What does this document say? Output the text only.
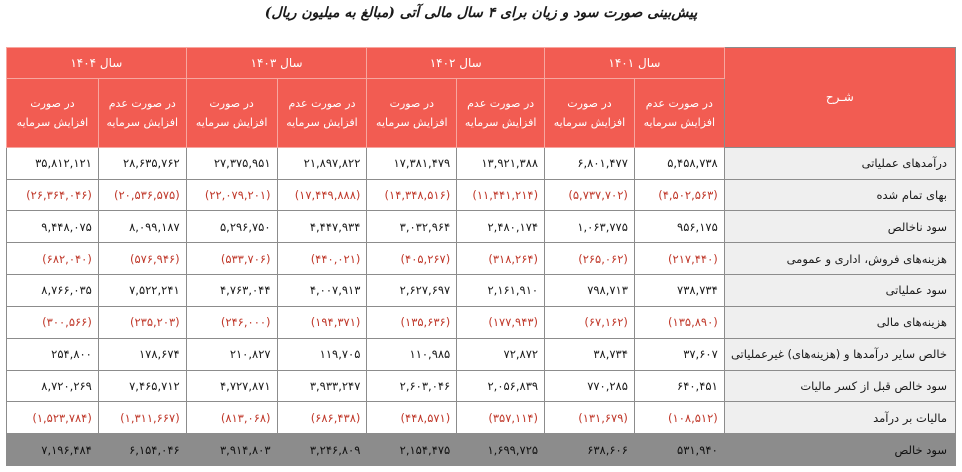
پیش‌بینی صورت سود و زیان برای ۴ سال مالی آتی (مبالغ به میلیون ریال)
سال ۱۴۰۴		سال ۱۴۰۳		سال ۱۴۰۲		سال ۱۴۰۱		شـرح
در صورت افزایش سرمایه	در صورت عدم افزایش سرمایه	در صورت افزایش سرمایه	در صورت عدم افزایش سرمایه	در صورت افزایش سرمایه	در صورت عدم افزایش سرمایه	در صورت افزایش سرمایه	در صورت عدم افزایش سرمایه	
۳۵,۸۱۲,۱۲۱	۲۸,۶۳۵,۷۶۲	۲۷,۳۷۵,۹۵۱	۲۱,۸۹۷,۸۲۲	۱۷,۳۸۱,۴۷۹	۱۳,۹۲۱,۳۸۸	۶,۸۰۱,۴۷۷	۵,۴۵۸,۷۳۸	درآمدهای عملیاتی
(۲۶,۳۶۴,۰۴۶)	(۲۰,۵۳۶,۵۷۵)	(۲۲,۰۷۹,۲۰۱)	(۱۷,۴۴۹,۸۸۸)	(۱۴,۳۴۸,۵۱۶)	(۱۱,۴۴۱,۲۱۴)	(۵,۷۳۷,۷۰۲)	(۴,۵۰۲,۵۶۳)	بهای تمام شده
۹,۴۴۸,۰۷۵	۸,۰۹۹,۱۸۷	۵,۲۹۶,۷۵۰	۴,۴۴۷,۹۳۴	۳,۰۳۲,۹۶۴	۲,۴۸۰,۱۷۴	۱,۰۶۳,۷۷۵	۹۵۶,۱۷۵	سود ناخالص
(۶۸۲,۰۴۰)	(۵۷۶,۹۴۶)	(۵۳۳,۷۰۶)	(۴۴۰,۰۲۱)	(۴۰۵,۲۶۷)	(۳۱۸,۲۶۴)	(۲۶۵,۰۶۲)	(۲۱۷,۴۴۰)	هزینه‌های فروش، اداری و عمومی
۸,۷۶۶,۰۳۵	۷,۵۲۲,۲۴۱	۴,۷۶۳,۰۴۴	۴,۰۰۷,۹۱۳	۲,۶۲۷,۶۹۷	۲,۱۶۱,۹۱۰	۷۹۸,۷۱۳	۷۳۸,۷۳۴	سود عملیاتی
(۳۰۰,۵۶۶)	(۲۳۵,۲۰۳)	(۲۴۶,۰۰۰)	(۱۹۴,۳۷۱)	(۱۳۵,۶۳۶)	(۱۷۷,۹۴۳)	(۶۷,۱۶۲)	(۱۳۵,۸۹۰)	هزینه‌های مالی
۲۵۴,۸۰۰	۱۷۸,۶۷۴	۲۱۰,۸۲۷	۱۱۹,۷۰۵	۱۱۰,۹۸۵	۷۲,۸۷۲	۳۸,۷۳۴	۳۷,۶۰۷	خالص سایر درآمدها و (هزینه‌های) غیرعملیاتی
۸,۷۲۰,۲۶۹	۷,۴۶۵,۷۱۲	۴,۷۲۷,۸۷۱	۳,۹۳۳,۲۴۷	۲,۶۰۳,۰۴۶	۲,۰۵۶,۸۳۹	۷۷۰,۲۸۵	۶۴۰,۴۵۱	سود خالص قبل از کسر مالیات
(۱,۵۲۳,۷۸۴)	(۱,۳۱۱,۶۶۷)	(۸۱۳,۰۶۸)	(۶۸۶,۴۳۸)	(۴۴۸,۵۷۱)	(۳۵۷,۱۱۴)	(۱۳۱,۶۷۹)	(۱۰۸,۵۱۲)	مالیات بر درآمد
۷,۱۹۶,۴۸۴	۶,۱۵۴,۰۴۶	۳,۹۱۴,۸۰۳	۳,۲۴۶,۸۰۹	۲,۱۵۴,۴۷۵	۱,۶۹۹,۷۲۵	۶۳۸,۶۰۶	۵۳۱,۹۴۰	سود خالص
